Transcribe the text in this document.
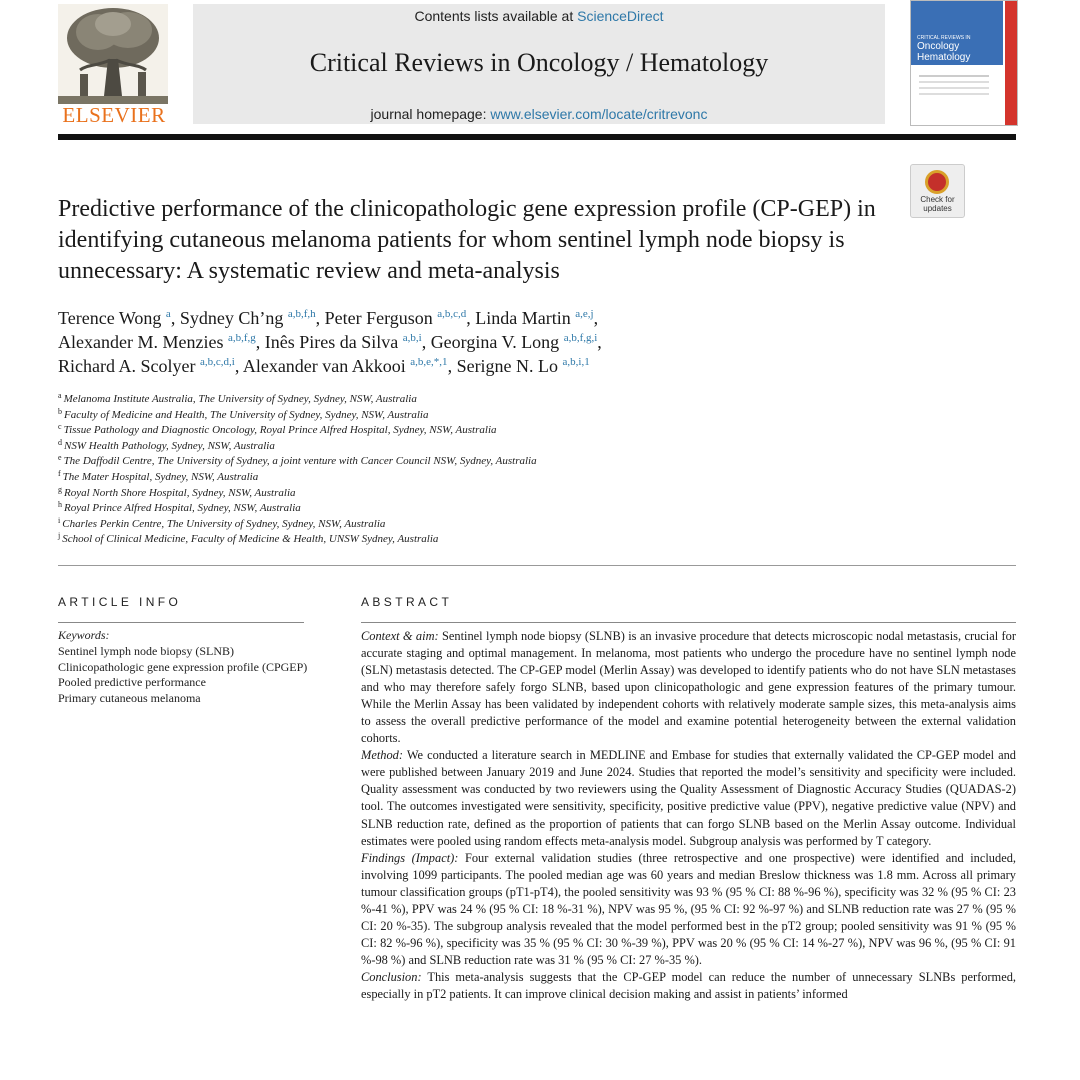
ELSEVIER
Contents lists available at ScienceDirect
Critical Reviews in Oncology / Hematology
journal homepage: www.elsevier.com/locate/critrevonc
CRITICAL REVIEWS IN
Oncology
Hematology
Check for
updates
Predictive performance of the clinicopathologic gene expression profile (CP-GEP) in identifying cutaneous melanoma patients for whom sentinel lymph node biopsy is unnecessary: A systematic review and meta-analysis
Terence Wong $^a$, Sydney Ch’ng $^{a,b,f,h}$, Peter Ferguson $^{a,b,c,d}$, Linda Martin $^{a,e,j}$,
Alexander M. Menzies $^{a,b,f,g}$, Inês Pires da Silva $^{a,b,i}$, Georgina V. Long $^{a,b,f,g,i}$,
Richard A. Scolyer $^{a,b,c,d,i}$, Alexander van Akkooi $^{a,b,e,*,1}$, Serigne N. Lo $^{a,b,i,1}$
$^a$ Melanoma Institute Australia, The University of Sydney, Sydney, NSW, Australia
$^b$ Faculty of Medicine and Health, The University of Sydney, Sydney, NSW, Australia
$^c$ Tissue Pathology and Diagnostic Oncology, Royal Prince Alfred Hospital, Sydney, NSW, Australia
$^d$ NSW Health Pathology, Sydney, NSW, Australia
$^e$ The Daffodil Centre, The University of Sydney, a joint venture with Cancer Council NSW, Sydney, Australia
$^f$ The Mater Hospital, Sydney, NSW, Australia
$^g$ Royal North Shore Hospital, Sydney, NSW, Australia
$^h$ Royal Prince Alfred Hospital, Sydney, NSW, Australia
$^i$ Charles Perkin Centre, The University of Sydney, Sydney, NSW, Australia
$^j$ School of Clinical Medicine, Faculty of Medicine & Health, UNSW Sydney, Australia
ARTICLE INFO
Keywords:
Sentinel lymph node biopsy (SLNB)
Clinicopathologic gene expression profile (CPGEP)
Pooled predictive performance
Primary cutaneous melanoma
ABSTRACT

Context & aim: Sentinel lymph node biopsy (SLNB) is an invasive procedure that detects microscopic nodal metastasis, crucial for accurate staging and optimal management. In melanoma, most patients who undergo the procedure have no sentinel lymph node (SLN) metastasis detected. The CP-GEP model (Merlin Assay) was developed to identify patients who do not have SLN metastases and who may therefore safely forgo SLNB, based upon clinicopathologic and gene expression features of the primary tumour. While the Merlin Assay has been validated by independent cohorts with relatively moderate sample sizes, this meta-analysis aims to assess the overall predictive performance of the model and examine potential heterogeneity between the external validation cohorts.

Method: We conducted a literature search in MEDLINE and Embase for studies that externally validated the CP-GEP model and were published between January 2019 and June 2024. Studies that reported the model’s sensitivity and specificity were included. Quality assessment was conducted by two reviewers using the Quality Assessment of Diagnostic Accuracy Studies (QUADAS-2) tool. The outcomes investigated were sensitivity, specificity, positive predictive value (PPV), negative predictive value (NPV) and SLNB reduction rate, defined as the proportion of patients that can forgo SLNB based on the Merlin Assay outcome. Individual estimates were pooled using random effects meta-analysis model. Subgroup analysis was performed by T category.

Findings (Impact): Four external validation studies (three retrospective and one prospective) were identified and included, involving 1099 participants. The pooled median age was 60 years and median Breslow thickness was 1.8 mm. Across all primary tumour classification groups (pT1-pT4), the pooled sensitivity was 93 % (95 % CI: 88 %-96 %), specificity was 32 % (95 % CI: 23 %-41 %), PPV was 24 % (95 % CI: 18 %-31 %), NPV was 95 %, (95 % CI: 92 %-97 %) and SLNB reduction rate was 27 % (95 % CI: 20 %-35). The subgroup analysis revealed that the model performed best in the pT2 group; pooled sensitivity was 91 % (95 % CI: 82 %-96 %), specificity was 35 % (95 % CI: 30 %-39 %), PPV was 20 % (95 % CI: 14 %-27 %), NPV was 96 %, (95 % CI: 91 %-98 %) and SLNB reduction rate was 31 % (95 % CI: 27 %-35 %).

Conclusion: This meta-analysis suggests that the CP-GEP model can reduce the number of unnecessary SLNBs performed, especially in pT2 patients. It can improve clinical decision making and assist in patients’ informed
